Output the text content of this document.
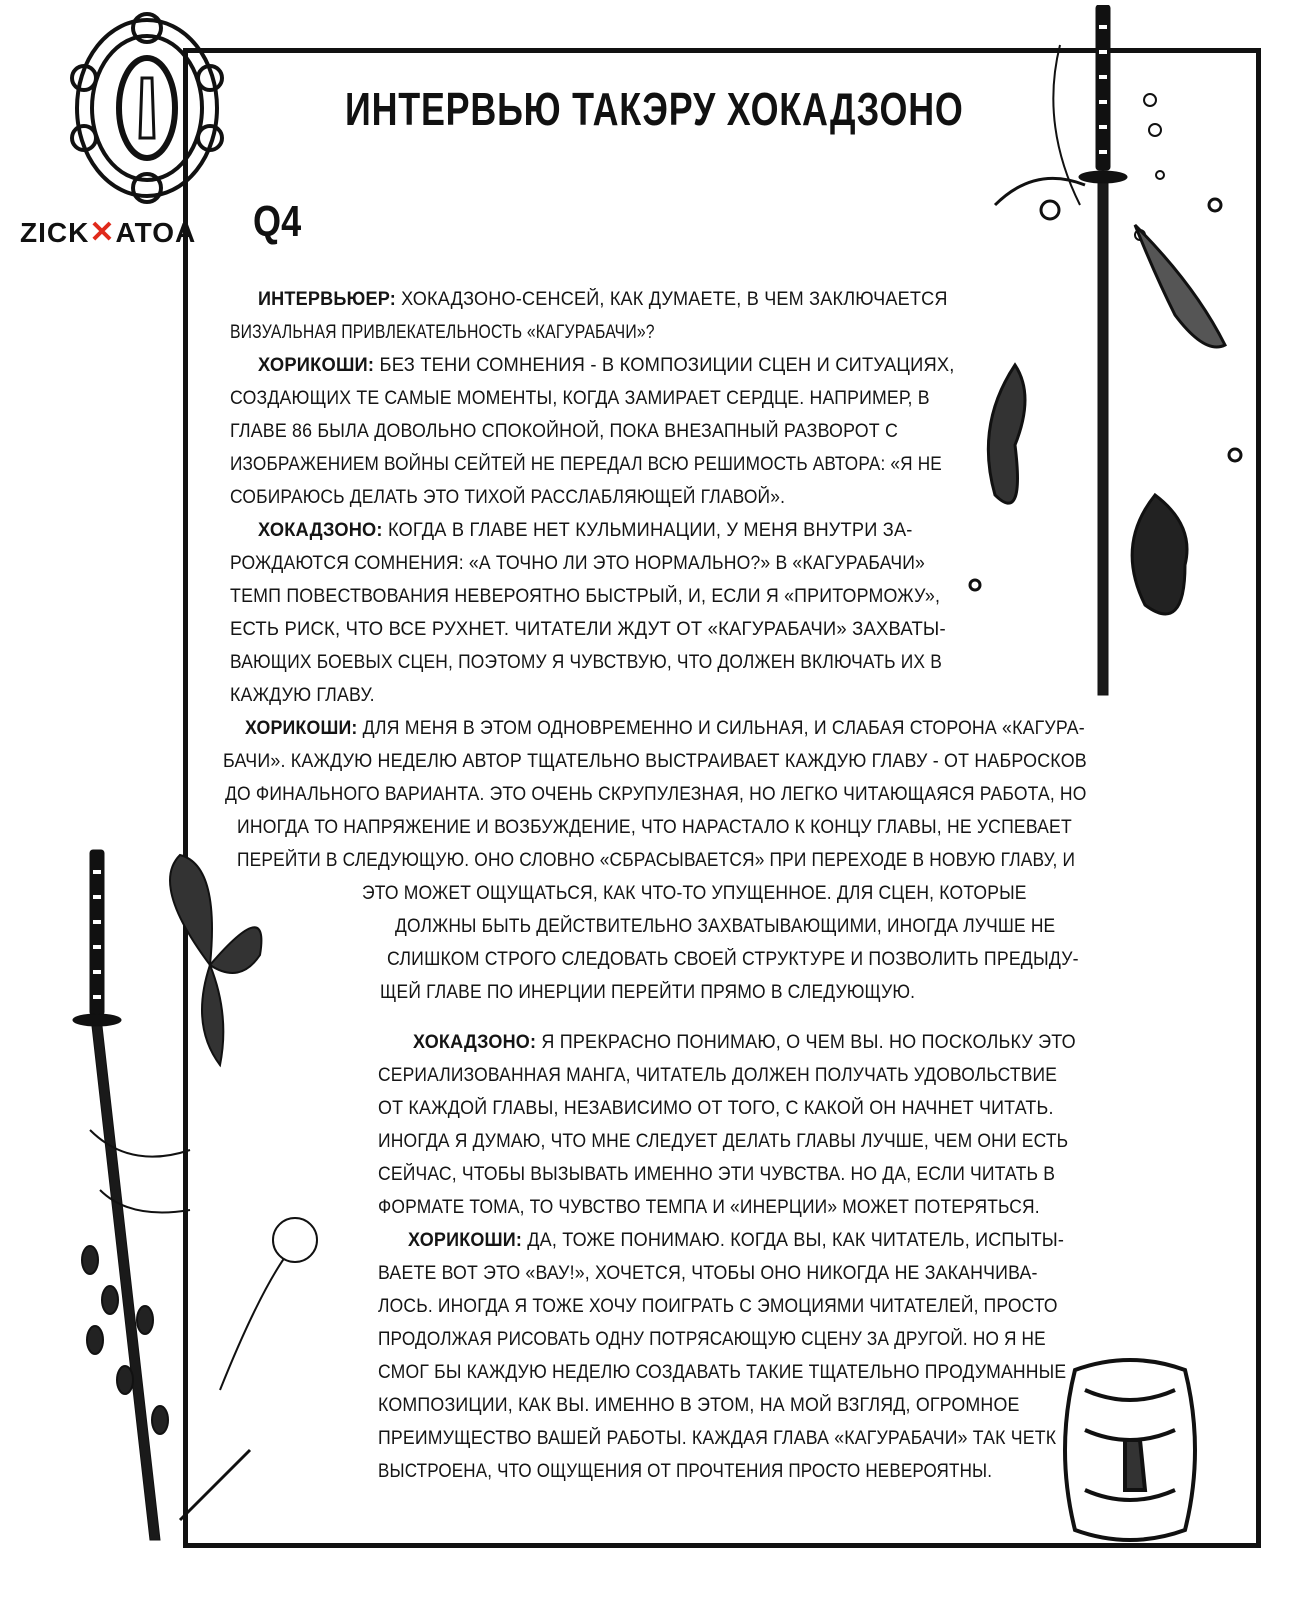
ZICK✕ATOA
ИНТЕРВЬЮ ТАКЭРУ ХОКАДЗОНО
Q4
ИНТЕРВЬЮЕР: ХОКАДЗОНО-СЕНСЕЙ, КАК ДУМАЕТЕ, В ЧЕМ ЗАКЛЮЧАЕТСЯ
ВИЗУАЛЬНАЯ ПРИВЛЕКАТЕЛЬНОСТЬ «КАГУРАБАЧИ»?
ХОРИКОШИ: БЕЗ ТЕНИ СОМНЕНИЯ - В КОМПОЗИЦИИ СЦЕН И СИТУАЦИЯХ,
СОЗДАЮЩИХ ТЕ САМЫЕ МОМЕНТЫ, КОГДА ЗАМИРАЕТ СЕРДЦЕ. НАПРИМЕР, В
ГЛАВЕ 86 БЫЛА ДОВОЛЬНО СПОКОЙНОЙ, ПОКА ВНЕЗАПНЫЙ РАЗВОРОТ С
ИЗОБРАЖЕНИЕМ ВОЙНЫ СЕЙТЕЙ НЕ ПЕРЕДАЛ ВСЮ РЕШИМОСТЬ АВТОРА: «Я НЕ
СОБИРАЮСЬ ДЕЛАТЬ ЭТО ТИХОЙ РАССЛАБЛЯЮЩЕЙ ГЛАВОЙ».
ХОКАДЗОНО: КОГДА В ГЛАВЕ НЕТ КУЛЬМИНАЦИИ, У МЕНЯ ВНУТРИ ЗА-
РОЖДАЮТСЯ СОМНЕНИЯ: «А ТОЧНО ЛИ ЭТО НОРМАЛЬНО?» В «КАГУРАБАЧИ»
ТЕМП ПОВЕСТВОВАНИЯ НЕВЕРОЯТНО БЫСТРЫЙ, И, ЕСЛИ Я «ПРИТОРМОЖУ»,
ЕСТЬ РИСК, ЧТО ВСЕ РУХНЕТ. ЧИТАТЕЛИ ЖДУТ ОТ «КАГУРАБАЧИ» ЗАХВАТЫ-
ВАЮЩИХ БОЕВЫХ СЦЕН, ПОЭТОМУ Я ЧУВСТВУЮ, ЧТО ДОЛЖЕН ВКЛЮЧАТЬ ИХ В
КАЖДУЮ ГЛАВУ.
ХОРИКОШИ: ДЛЯ МЕНЯ В ЭТОМ ОДНОВРЕМЕННО И СИЛЬНАЯ, И СЛАБАЯ СТОРОНА «КАГУРА-
БАЧИ». КАЖДУЮ НЕДЕЛЮ АВТОР ТЩАТЕЛЬНО ВЫСТРАИВАЕТ КАЖДУЮ ГЛАВУ - ОТ НАБРОСКОВ
ДО ФИНАЛЬНОГО ВАРИАНТА. ЭТО ОЧЕНЬ СКРУПУЛЕЗНАЯ, НО ЛЕГКО ЧИТАЮЩАЯСЯ РАБОТА, НО
ИНОГДА ТО НАПРЯЖЕНИЕ И ВОЗБУЖДЕНИЕ, ЧТО НАРАСТАЛО К КОНЦУ ГЛАВЫ, НЕ УСПЕВАЕТ
ПЕРЕЙТИ В СЛЕДУЮЩУЮ. ОНО СЛОВНО «СБРАСЫВАЕТСЯ» ПРИ ПЕРЕХОДЕ В НОВУЮ ГЛАВУ, И
ЭТО МОЖЕТ ОЩУЩАТЬСЯ, КАК ЧТО-ТО УПУЩЕННОЕ. ДЛЯ СЦЕН, КОТОРЫЕ
ДОЛЖНЫ БЫТЬ ДЕЙСТВИТЕЛЬНО ЗАХВАТЫВАЮЩИМИ, ИНОГДА ЛУЧШЕ НЕ
СЛИШКОМ СТРОГО СЛЕДОВАТЬ СВОЕЙ СТРУКТУРЕ И ПОЗВОЛИТЬ ПРЕДЫДУ-
ЩЕЙ ГЛАВЕ ПО ИНЕРЦИИ ПЕРЕЙТИ ПРЯМО В СЛЕДУЮЩУЮ.
ХОКАДЗОНО: Я ПРЕКРАСНО ПОНИМАЮ, О ЧЕМ ВЫ. НО ПОСКОЛЬКУ ЭТО
СЕРИАЛИЗОВАННАЯ МАНГА, ЧИТАТЕЛЬ ДОЛЖЕН ПОЛУЧАТЬ УДОВОЛЬСТВИЕ
ОТ КАЖДОЙ ГЛАВЫ, НЕЗАВИСИМО ОТ ТОГО, С КАКОЙ ОН НАЧНЕТ ЧИТАТЬ.
ИНОГДА Я ДУМАЮ, ЧТО МНЕ СЛЕДУЕТ ДЕЛАТЬ ГЛАВЫ ЛУЧШЕ, ЧЕМ ОНИ ЕСТЬ
СЕЙЧАС, ЧТОБЫ ВЫЗЫВАТЬ ИМЕННО ЭТИ ЧУВСТВА. НО ДА, ЕСЛИ ЧИТАТЬ В
ФОРМАТЕ ТОМА, ТО ЧУВСТВО ТЕМПА И «ИНЕРЦИИ» МОЖЕТ ПОТЕРЯТЬСЯ.
ХОРИКОШИ: ДА, ТОЖЕ ПОНИМАЮ. КОГДА ВЫ, КАК ЧИТАТЕЛЬ, ИСПЫТЫ-
ВАЕТЕ ВОТ ЭТО «ВАУ!», ХОЧЕТСЯ, ЧТОБЫ ОНО НИКОГДА НЕ ЗАКАНЧИВА-
ЛОСЬ. ИНОГДА Я ТОЖЕ ХОЧУ ПОИГРАТЬ С ЭМОЦИЯМИ ЧИТАТЕЛЕЙ, ПРОСТО
ПРОДОЛЖАЯ РИСОВАТЬ ОДНУ ПОТРЯСАЮЩУЮ СЦЕНУ ЗА ДРУГОЙ. НО Я НЕ
СМОГ БЫ КАЖДУЮ НЕДЕЛЮ СОЗДАВАТЬ ТАКИЕ ТЩАТЕЛЬНО ПРОДУМАННЫЕ
КОМПОЗИЦИИ, КАК ВЫ. ИМЕННО В ЭТОМ, НА МОЙ ВЗГЛЯД, ОГРОМНОЕ
ПРЕИМУЩЕСТВО ВАШЕЙ РАБОТЫ. КАЖДАЯ ГЛАВА «КАГУРАБАЧИ» ТАК ЧЕТК
ВЫСТРОЕНА, ЧТО ОЩУЩЕНИЯ ОТ ПРОЧТЕНИЯ ПРОСТО НЕВЕРОЯТНЫ.
